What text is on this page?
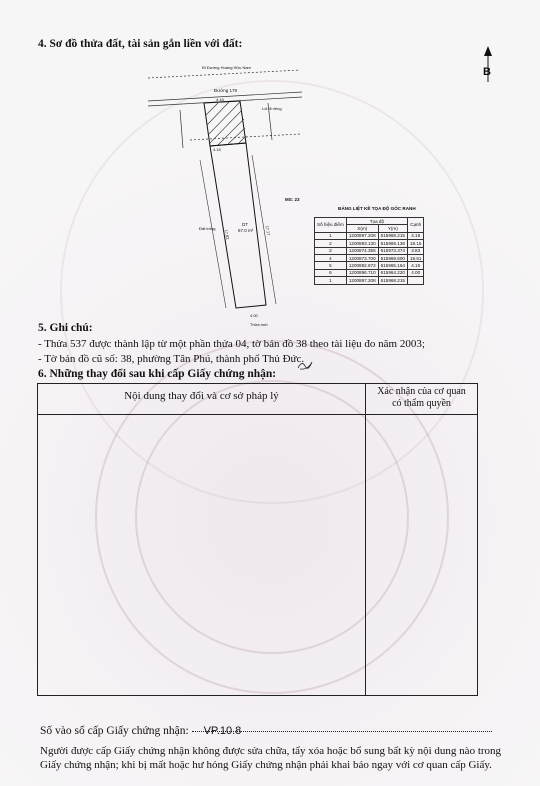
4. Sơ đồ thửa đất, tài sản gắn liền với đất:
B
Đi Đường Hoàng Hữu Nam
Đường 179
Lối đi riêng
Đất trống
DT
67.0 m²
Thửa mới
MS: 23
4.18
4.15
4.00
17.82	17.17
BẢNG LIỆT KÊ TỌA ĐỘ GÓC RANH
Số hiệu điểm	Tọa độ		Cạnh
	X(m)	Y(m)	
1	1200897.208	615968.215	4.18
2	1200893.130	615969.136	19.15
3	1200874.355	615973.374	3.83
4	1200873.700	615969.600	19.51
5	1200892.672	615965.164	4.15
6	1200896.710	615964.220	4.00
1	1200897.208	615968.215	
5. Ghi chú:
- Thửa 537 được thành lập từ một phần thửa 04, tờ bản đồ 38 theo tài liệu đo năm 2003;
- Tờ bản đồ cũ số: 38, phường Tân Phú, thành phố Thủ Đức.
6. Những thay đổi sau khi cấp Giấy chứng nhận:
Nội dung thay đổi và cơ sở pháp lý	Xác nhận của cơ quan
có thẩm quyền
Số vào sổ cấp Giấy chứng nhận: VP.10.8
Người được cấp Giấy chứng nhận không được sửa chữa, tẩy xóa hoặc bổ sung bất kỳ nội dung nào trong Giấy chứng nhận; khi bị mất hoặc hư hỏng Giấy chứng nhận phải khai báo ngay với cơ quan cấp Giấy.
